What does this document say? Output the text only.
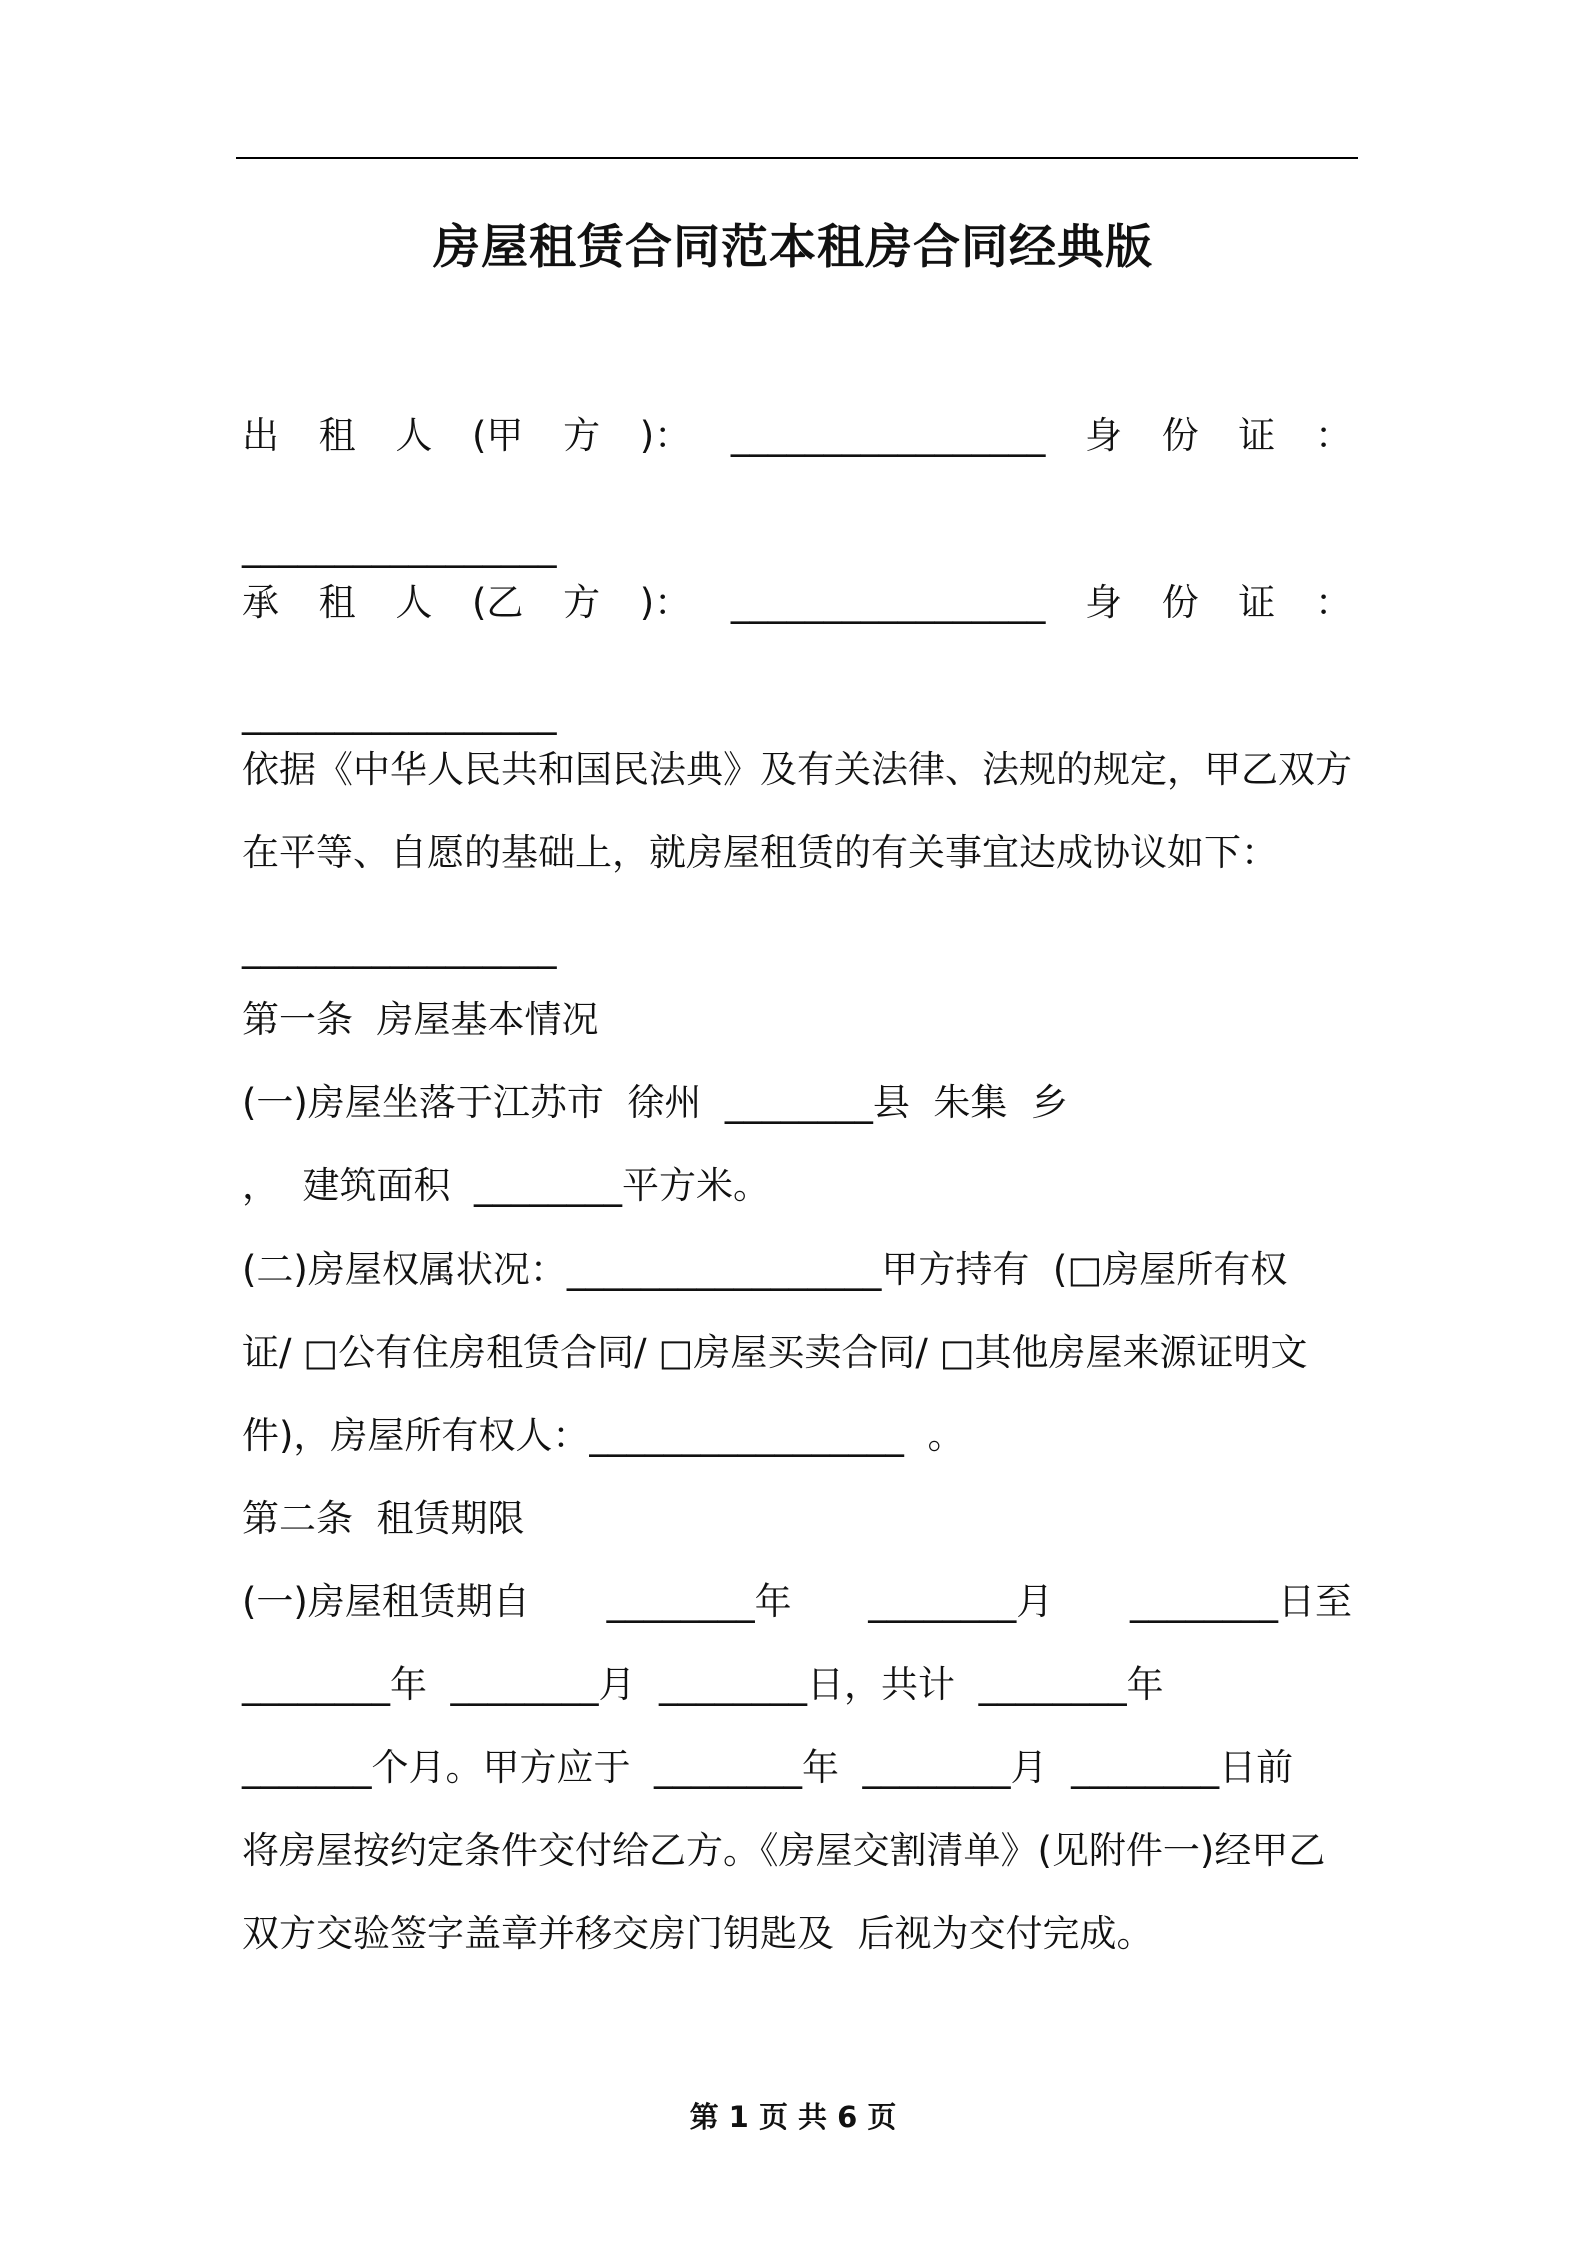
房屋租赁合同范本租房合同经典版
出 租 人 (甲 方 )： _________________ 身 份 证 ：
_________________
承 租 人 (乙 方 )： _________________ 身 份 证 ：
_________________
依据《中华人民共和国民法典》及有关法律、法规的规定，甲乙双方
在平等、自愿的基础上，就房屋租赁的有关事宜达成协议如下：
_________________
第一条  房屋基本情况
(一)房屋坐落于江苏市  徐州  ________县  朱集  乡
，  建筑面积  ________平方米。
(二)房屋权属状况：_________________甲方持有  (□房屋所有权
证/ □公有住房租赁合同/ □房屋买卖合同/ □其他房屋来源证明文
件)，房屋所有权人：_________________  。
第二条  租赁期限
(一)房屋租赁期自 ________年 ________月 ________日至
________年  ________月  ________日，共计  ________年
_______个月。甲方应于  ________年  ________月  ________日前
将房屋按约定条件交付给乙方。《房屋交割清单》(见附件一)经甲乙
双方交验签字盖章并移交房门钥匙及  后视为交付完成。
第 1 页 共 6 页
